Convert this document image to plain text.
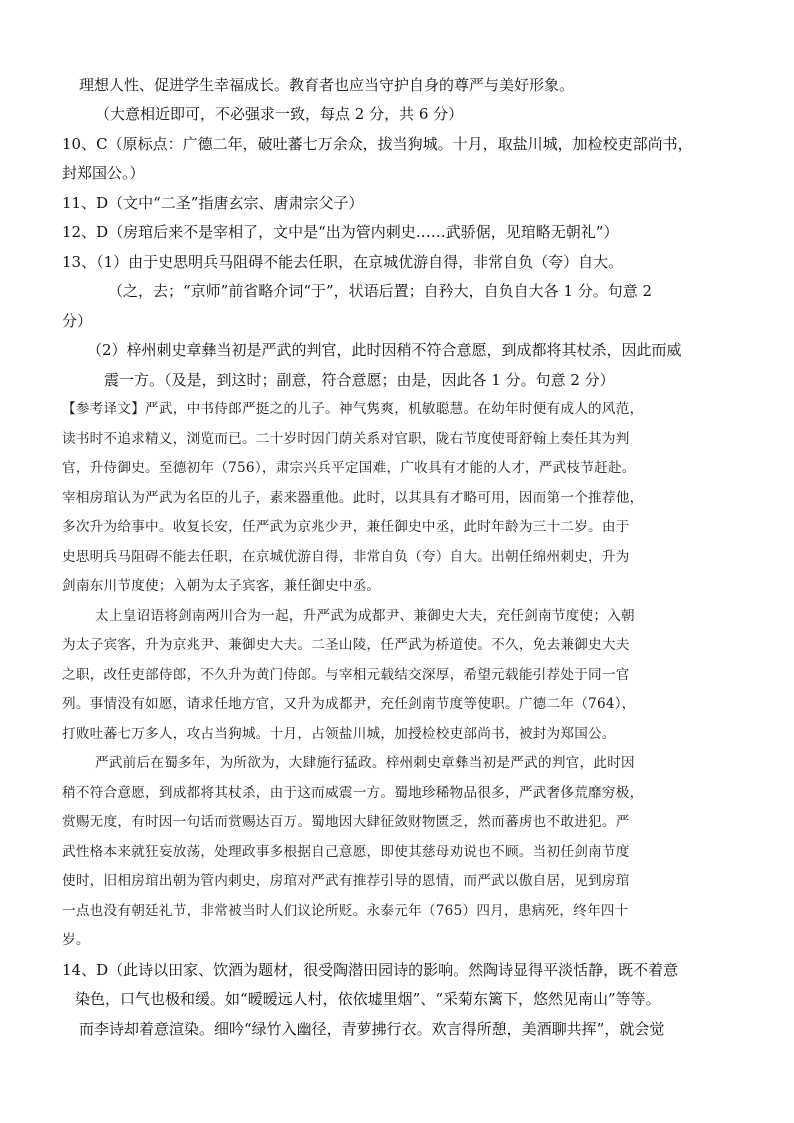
理想人性、促进学生幸福成长。教育者也应当守护自身的尊严与美好形象。
（大意相近即可，不必强求一致，每点 2 分，共 6 分）
10、C（原标点：广德二年，破吐蕃七万余众，拔当狗城。十月，取盐川城，加检校吏部尚书，
封郑国公。）
11、D（文中“二圣”指唐玄宗、唐肃宗父子）
12、D（房琯后来不是宰相了，文中是“出为管内刺史……武骄倨，见琯略无朝礼”）
13、（1）由于史思明兵马阻碍不能去任职，在京城优游自得，非常自负（夸）自大。
（之，去；“京师”前省略介词“于”，状语后置；自矜大，自负自大各 1 分。句意 2
分）
（2）梓州刺史章彝当初是严武的判官，此时因稍不符合意愿，到成都将其杖杀，因此而威
震一方。（及是，到这时；副意，符合意愿；由是，因此各 1 分。句意 2 分）
【参考译文】严武，中书侍郎严挺之的儿子。神气隽爽，机敏聪慧。在幼年时便有成人的风范，
读书时不追求精义，浏览而已。二十岁时因门荫关系对官职，陇右节度使哥舒翰上奏任其为判
官，升侍御史。至德初年（756），肃宗兴兵平定国难，广收具有才能的人才，严武枝节赶赴。
宰相房琯认为严武为名臣的儿子，素来器重他。此时，以其具有才略可用，因而第一个推荐他，
多次升为给事中。收复长安，任严武为京兆少尹，兼任御史中丞，此时年龄为三十二岁。由于
史思明兵马阻碍不能去任职，在京城优游自得，非常自负（夸）自大。出朝任绵州刺史，升为
剑南东川节度使；入朝为太子宾客，兼任御史中丞。
太上皇诏语将剑南两川合为一起，升严武为成都尹、兼御史大夫，充任剑南节度使；入朝
为太子宾客，升为京兆尹、兼御史大夫。二圣山陵，任严武为桥道使。不久，免去兼御史大夫
之职，改任吏部侍郎，不久升为黄门侍郎。与宰相元载结交深厚，希望元载能引荐处于同一官
列。事情没有如愿，请求任地方官，又升为成都尹，充任剑南节度等使职。广德二年（764），
打败吐蕃七万多人，攻占当狗城。十月，占领盐川城，加授检校吏部尚书，被封为郑国公。
严武前后在蜀多年，为所欲为，大肆施行猛政。梓州刺史章彝当初是严武的判官，此时因
稍不符合意愿，到成都将其杖杀，由于这而威震一方。蜀地珍稀物品很多，严武奢侈荒靡穷极，
赏赐无度，有时因一句话而赏赐达百万。蜀地因大肆征敛财物匮乏，然而蕃虏也不敢进犯。严
武性格本来就狂妄放荡，处理政事多根据自己意愿，即使其慈母劝说也不顾。当初任剑南节度
使时，旧相房琯出朝为管内刺史，房琯对严武有推荐引导的恩情，而严武以傲自居，见到房琯
一点也没有朝廷礼节，非常被当时人们议论所贬。永泰元年（765）四月，患病死，终年四十
岁。
14、D（此诗以田家、饮酒为题材，很受陶潜田园诗的影响。然陶诗显得平淡恬静，既不着意
染色，口气也极和缓。如“暧暧远人村，依依墟里烟”、“采菊东篱下，悠然见南山”等等。
而李诗却着意渲染。细吟“绿竹入幽径，青萝拂行衣。欢言得所憩，美酒聊共挥”，就会觉
